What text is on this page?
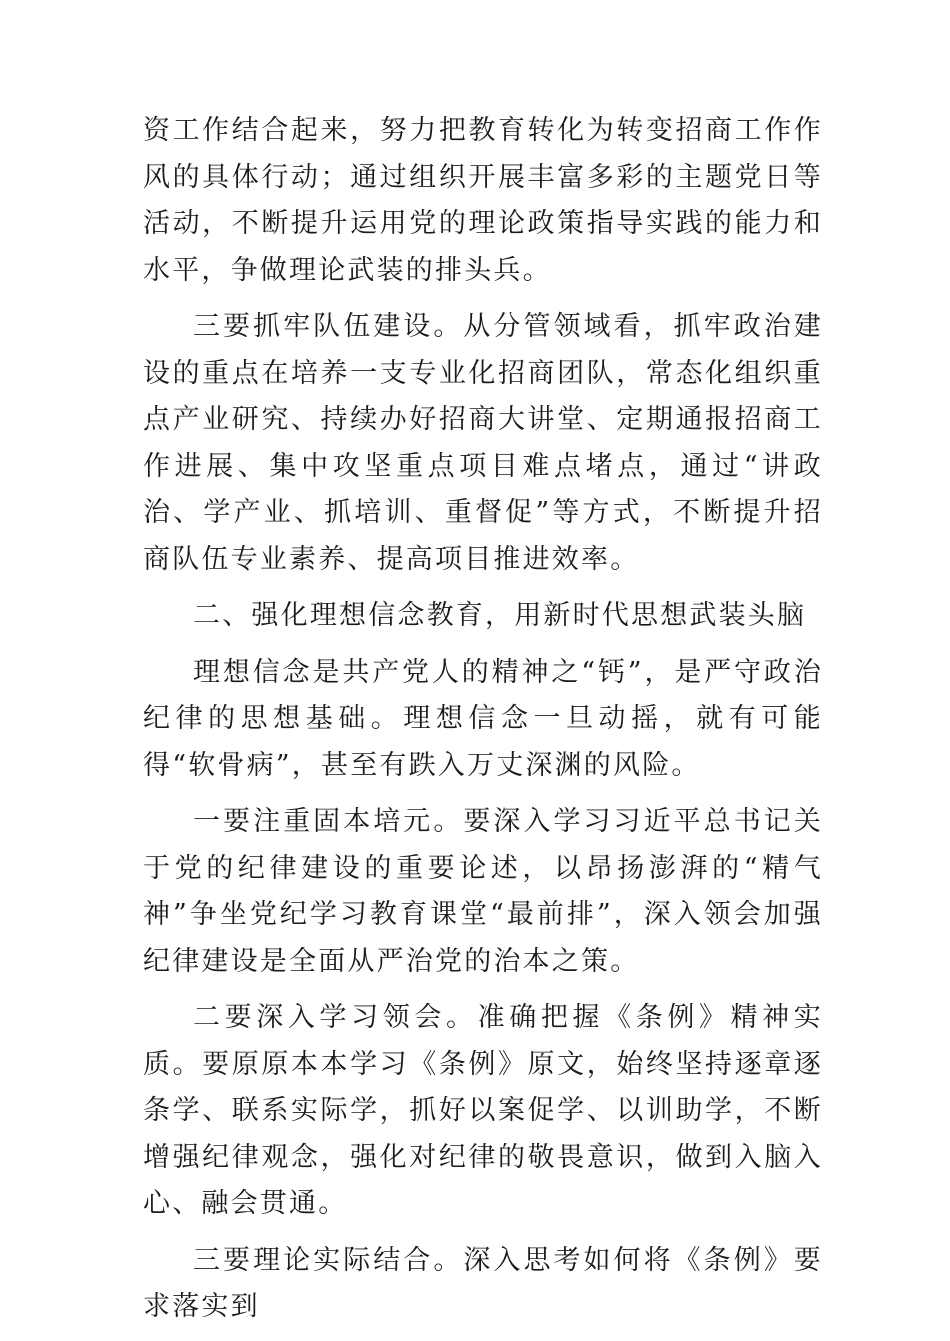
资工作结合起来，努力把教育转化为转变招商工作作风的具体行动；通过组织开展丰富多彩的主题党日等活动，不断提升运用党的理论政策指导实践的能力和水平，争做理论武装的排头兵。

三要抓牢队伍建设。从分管领域看，抓牢政治建设的重点在培养一支专业化招商团队，常态化组织重点产业研究、持续办好招商大讲堂、定期通报招商工作进展、集中攻坚重点项目难点堵点，通过“讲政治、学产业、抓培训、重督促”等方式，不断提升招商队伍专业素养、提高项目推进效率。

二、强化理想信念教育，用新时代思想武装头脑

理想信念是共产党人的精神之“钙”，是严守政治纪律的思想基础。理想信念一旦动摇，就有可能得“软骨病”，甚至有跌入万丈深渊的风险。

一要注重固本培元。要深入学习习近平总书记关于党的纪律建设的重要论述，以昂扬澎湃的“精气神”争坐党纪学习教育课堂“最前排”，深入领会加强纪律建设是全面从严治党的治本之策。

二要深入学习领会。准确把握《条例》精神实质。要原原本本学习《条例》原文，始终坚持逐章逐条学、联系实际学，抓好以案促学、以训助学，不断增强纪律观念，强化对纪律的敬畏意识，做到入脑入心、融会贯通。

三要理论实际结合。深入思考如何将《条例》要求落实到
